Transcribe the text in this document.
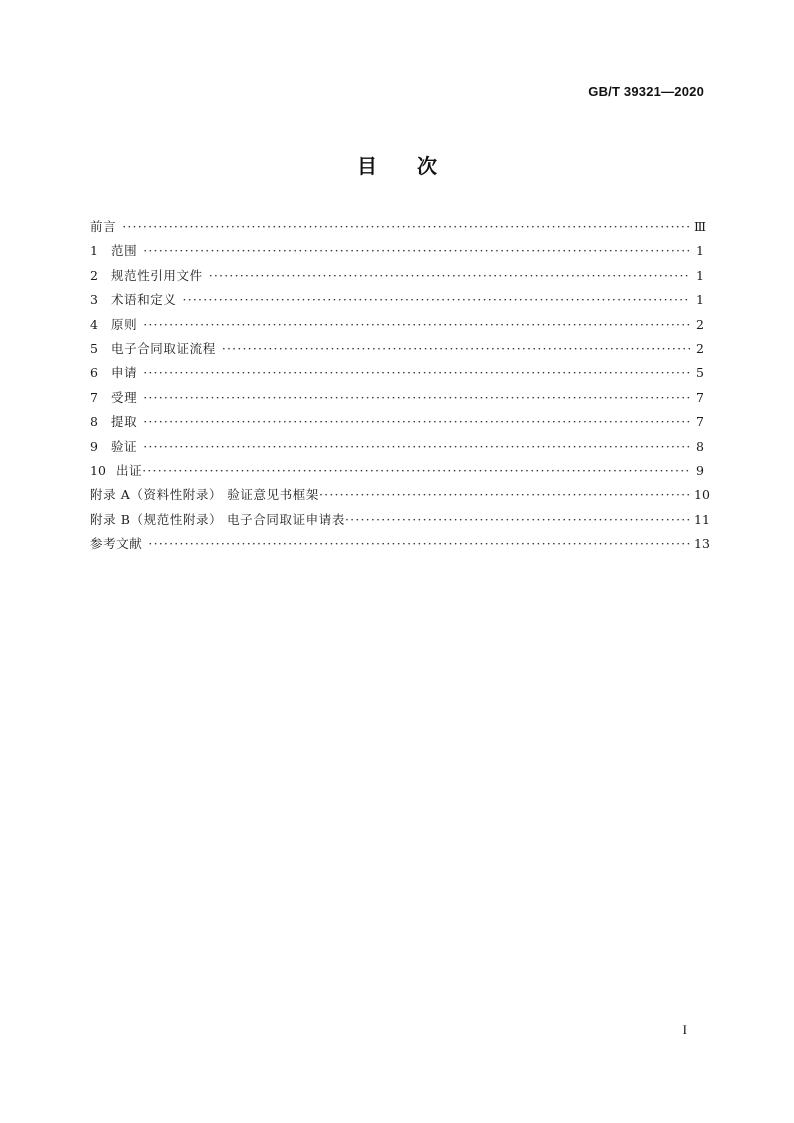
GB/T 39321—2020
目次
前言 ·····	Ⅲ
1	范围 ·····	1
2	规范性引用文件 ·····	1
3	术语和定义 ·····	1
4	原则 ·····	2
5	电子合同取证流程 ·····	2
6	申请 ·····	5
7	受理 ·····	7
8	提取 ·····	7
9	验证 ·····	8
10 出证 ·····	9
附录 A（资料性附录） 验证意见书框架 ·····	10
附录 B（规范性附录） 电子合同取证申请表 ·····	11
参考文献 ·····	13
I
